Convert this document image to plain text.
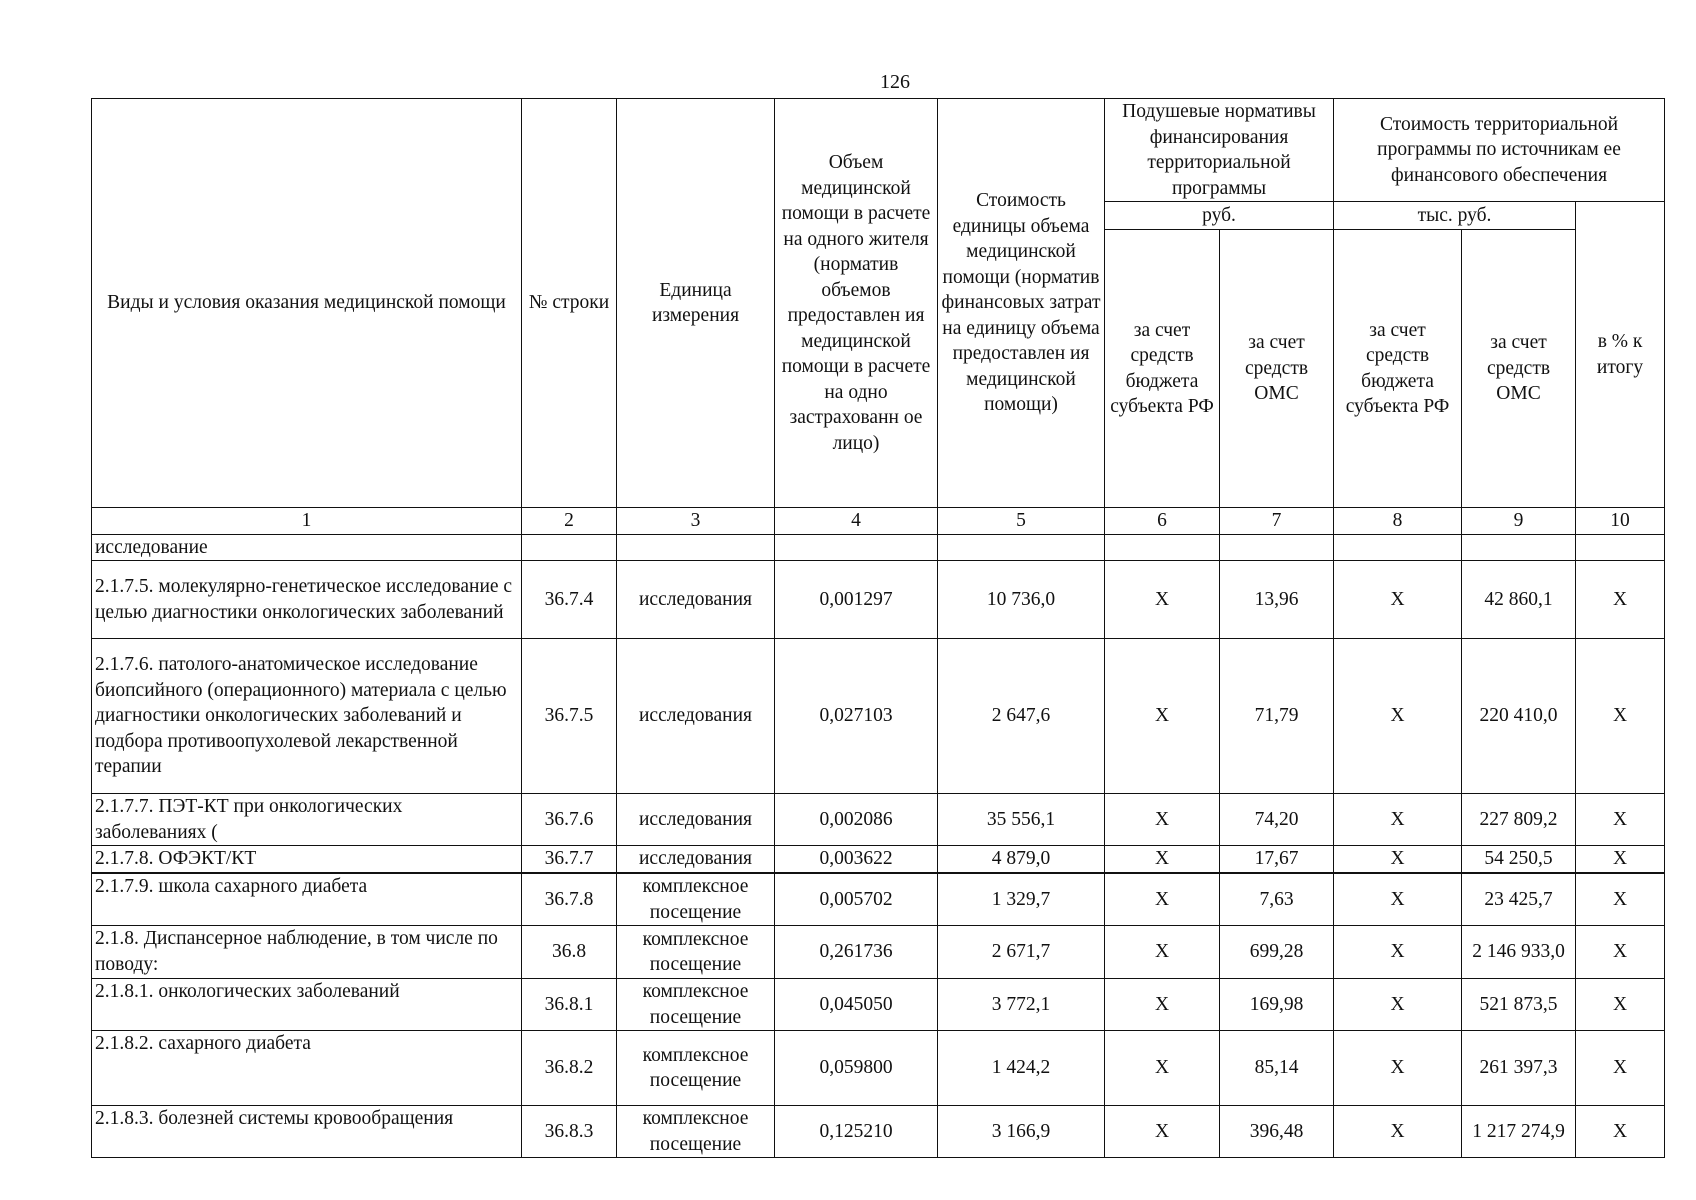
126
Виды и условия оказания медицинской помощи	№ строки	Единица измерения	Объем медицинской помощи в расчете на одного жителя (норматив объемов предоставлен ия медицинской помощи в расчете на одно застрахованн ое лицо)	Стоимость единицы объема медицинской помощи (норматив финансовых затрат на единицу объема предоставлен ия медицинской помощи)	Подушевые нормативы финансирования территориальной программы		Стоимость территориальной программы по источникам ее финансового обеспечения		
					руб.		тыс. руб.		в % к итогу
					за счет средств бюджета субъекта РФ	за счет средств ОМС	за счет средств бюджета субъекта РФ	за счет средств ОМС	
1	2	3	4	5	6	7	8	9	10
исследование									
2.1.7.5. молекулярно-генетическое исследование с целью диагностики онкологических заболеваний	36.7.4	исследования	0,001297	10 736,0	Х	13,96	Х	42 860,1	Х
2.1.7.6. патолого-анатомическое исследование биопсийного (операционного) материала с целью диагностики онкологических заболеваний и подбора противоопухолевой лекарственной терапии	36.7.5	исследования	0,027103	2 647,6	Х	71,79	Х	220 410,0	Х
2.1.7.7. ПЭТ-КТ при онкологических заболеваниях (	36.7.6	исследования	0,002086	35 556,1	Х	74,20	Х	227 809,2	Х
2.1.7.8. ОФЭКТ/КТ	36.7.7	исследования	0,003622	4 879,0	Х	17,67	Х	54 250,5	Х
2.1.7.9. школа сахарного диабета	36.7.8	комплексное посещение	0,005702	1 329,7	Х	7,63	Х	23 425,7	Х
2.1.8. Диспансерное наблюдение, в том числе по поводу:	36.8	комплексное посещение	0,261736	2 671,7	Х	699,28	Х	2 146 933,0	Х
2.1.8.1. онкологических заболеваний	36.8.1	комплексное посещение	0,045050	3 772,1	Х	169,98	Х	521 873,5	Х
2.1.8.2. сахарного диабета	36.8.2	комплексное посещение	0,059800	1 424,2	Х	85,14	Х	261 397,3	Х
2.1.8.3. болезней системы кровообращения	36.8.3	комплексное посещение	0,125210	3 166,9	Х	396,48	Х	1 217 274,9	Х
